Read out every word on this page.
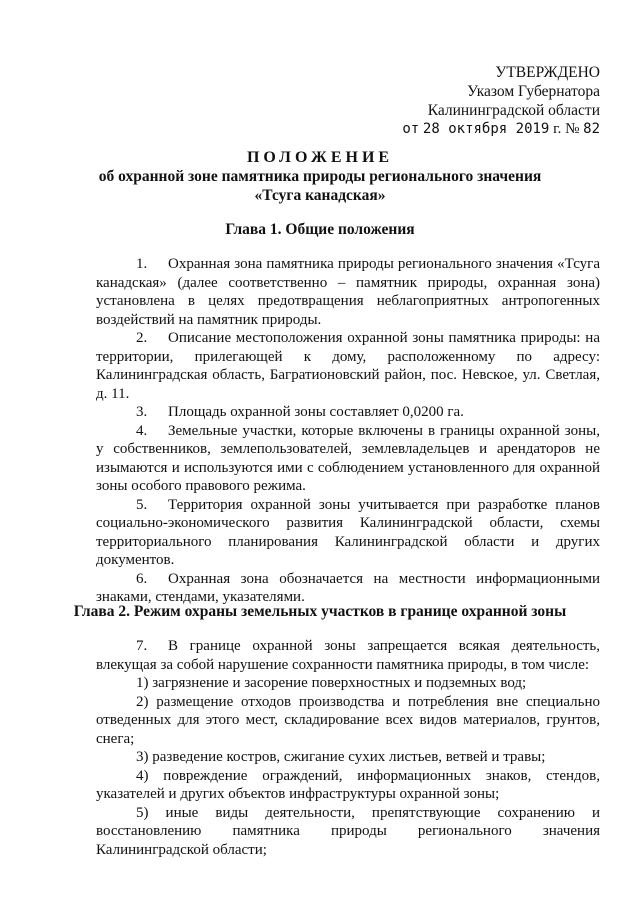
УТВЕРЖДЕНО
Указом Губернатора
Калининградской области
от 28 октября 2019 г. № 82
ПОЛОЖЕНИЕ
об охранной зоне памятника природы регионального значения
«Тсуга канадская»
Глава 1. Общие положения

1. Охранная зона памятника природы регионального значения «Тсуга канадская» (далее соответственно – памятник природы, охранная зона) установлена в целях предотвращения неблагоприятных антропогенных воздействий на памятник природы.

2. Описание местоположения охранной зоны памятника природы: на территории, прилегающей к дому, расположенному по адресу: Калининградская область, Багратионовский район, пос. Невское, ул. Светлая, д. 11.

3. Площадь охранной зоны составляет 0,0200 га.

4. Земельные участки, которые включены в границы охранной зоны, у собственников, землепользователей, землевладельцев и арендаторов не изымаются и используются ими с соблюдением установленного для охранной зоны особого правового режима.

5. Территория охранной зоны учитывается при разработке планов социально-экономического развития Калининградской области, схемы территориального планирования Калининградской области и других документов.

6. Охранная зона обозначается на местности информационными знаками, стендами, указателями.

Глава 2. Режим охраны земельных участков в границе охранной зоны

7. В границе охранной зоны запрещается всякая деятельность, влекущая за собой нарушение сохранности памятника природы, в том числе:

1) загрязнение и засорение поверхностных и подземных вод;

2) размещение отходов производства и потребления вне специально отведенных для этого мест, складирование всех видов материалов, грунтов, снега;

3) разведение костров, сжигание сухих листьев, ветвей и травы;

4) повреждение ограждений, информационных знаков, стендов, указателей и других объектов инфраструктуры охранной зоны;

5) иные виды деятельности, препятствующие сохранению и восстановлению памятника природы регионального значения Калининградской области;
